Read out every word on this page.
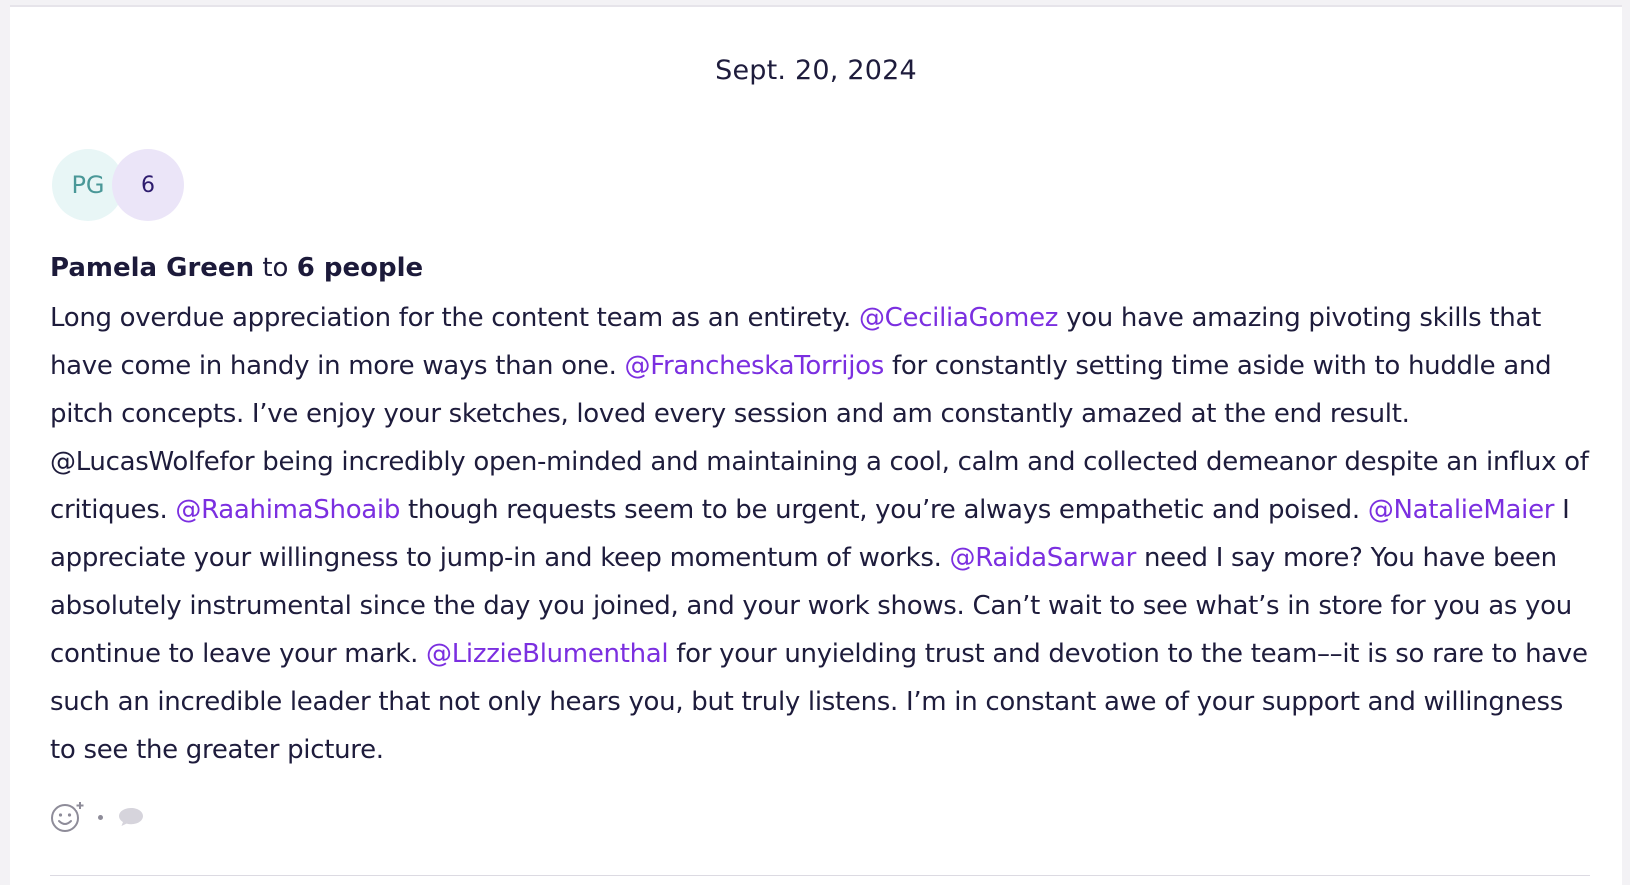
Sept. 20, 2024
PG	6
Pamela Green to 6 people
Long overdue appreciation for the content team as an entirety. @CeciliaGomez you have amazing pivoting skills that have come in handy in more ways than one. @FrancheskaTorrijos for constantly setting time aside with to huddle and pitch concepts. I’ve enjoy your sketches, loved every session and am constantly amazed at the end result. @LucasWolfefor being incredibly open-minded and maintaining a cool, calm and collected demeanor despite an influx of critiques. @RaahimaShoaib though requests seem to be urgent, you’re always empathetic and poised. @NatalieMaier I appreciate your willingness to jump-in and keep momentum of works. @RaidaSarwar need I say more? You have been absolutely instrumental since the day you joined, and your work shows. Can’t wait to see what’s in store for you as you continue to leave your mark. @LizzieBlumenthal for your unyielding trust and devotion to the team––it is so rare to have such an incredible leader that not only hears you, but truly listens. I’m in constant awe of your support and willingness to see the greater picture.
